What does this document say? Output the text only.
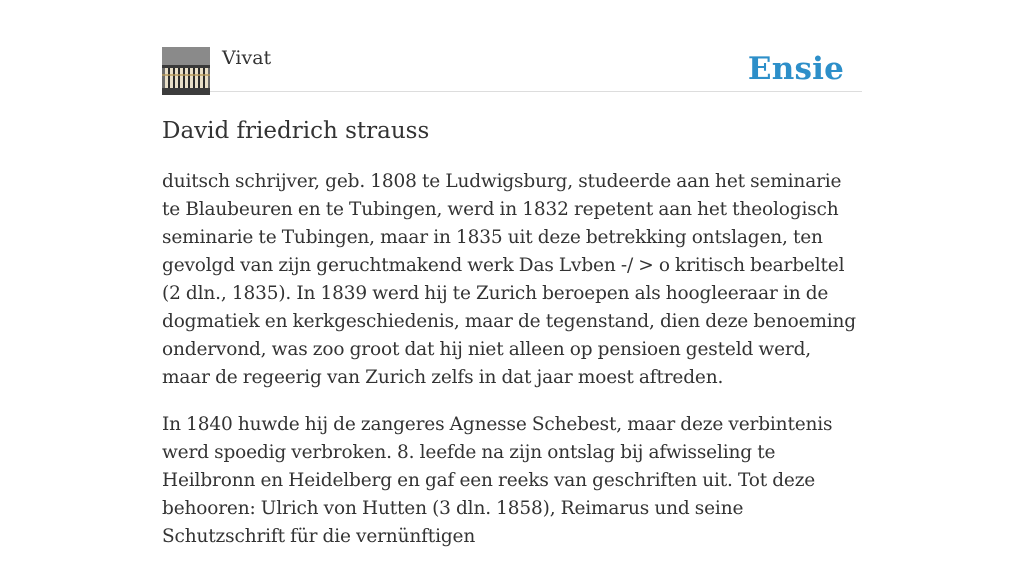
Vivat	Ensie
David friedrich strauss

duitsch schrijver, geb. 1808 te Ludwigsburg, studeerde aan het seminarie te Blaubeuren en te Tubingen, werd in 1832 repetent aan het theologisch seminarie te Tubingen, maar in 1835 uit deze betrekking ontslagen, ten gevolgd van zijn geruchtmakend werk Das Lvben -/ > o kritisch bearbeltel (2 dln., 1835). In 1839 werd hij te Zurich beroepen als hoogleeraar in de dogmatiek en kerkgeschiedenis, maar de tegenstand, dien deze benoeming ondervond, was zoo groot dat hij niet alleen op pensioen gesteld werd, maar de regeerig van Zurich zelfs in dat jaar moest aftreden.

In 1840 huwde hij de zangeres Agnesse Schebest, maar deze verbintenis werd spoedig verbroken. 8. leefde na zijn ontslag bij afwisseling te Heilbronn en Heidelberg en gaf een reeks van geschriften uit. Tot deze behooren: Ulrich von Hutten (3 dln. 1858), Reimarus und seine Schutzschrift für die vernünftigen
